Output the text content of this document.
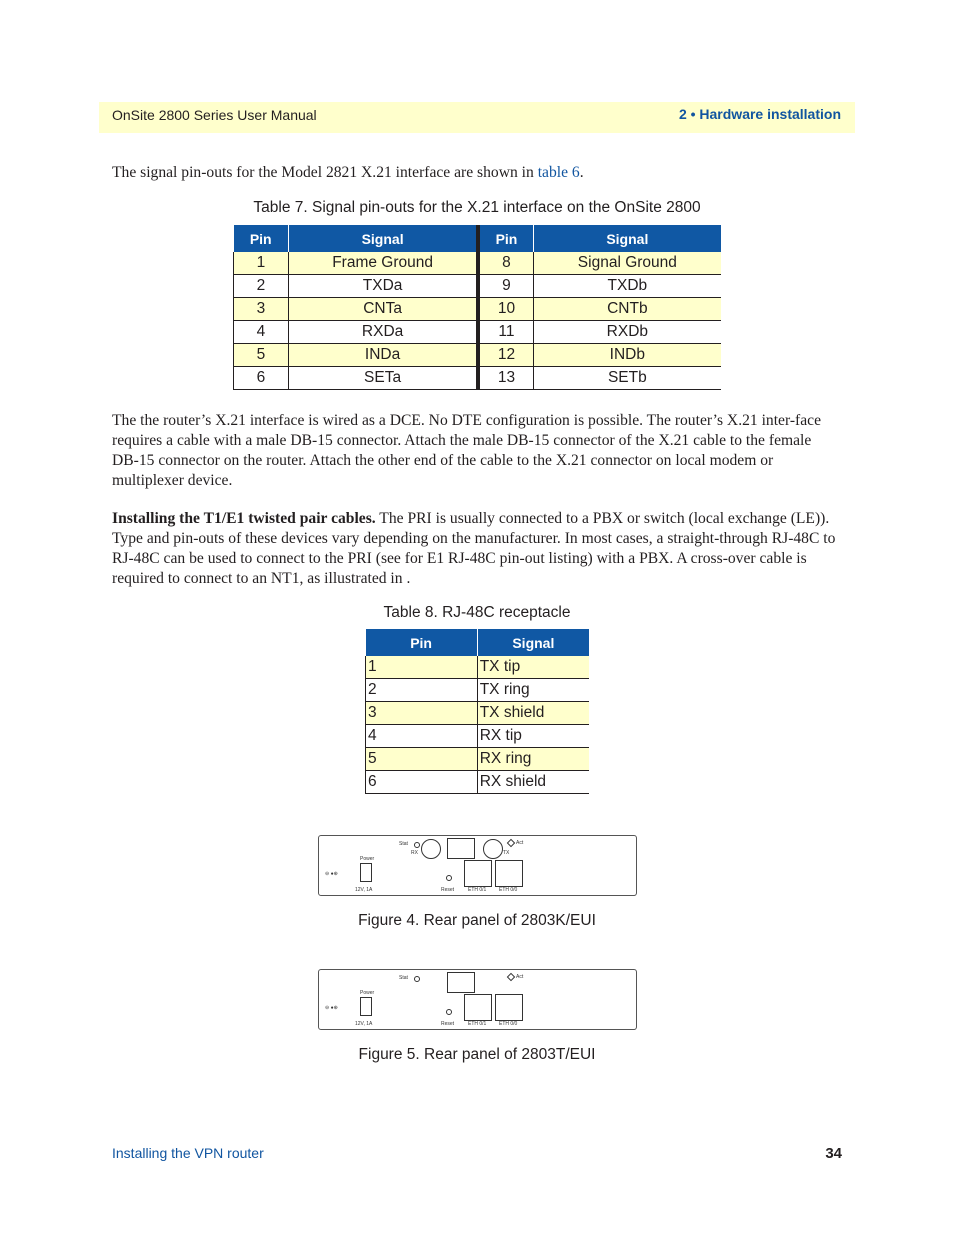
OnSite 2800 Series User Manual	2 • Hardware installation

The signal pin-outs for the Model 2821 X.21 interface are shown in table 6.

Table 7. Signal pin-outs for the X.21 interface on the OnSite 2800
Pin	Signal	Pin	Signal
1	Frame Ground	8	Signal Ground
2	TXDa	9	TXDb
3	CNTa	10	CNTb
4	RXDa	11	RXDb
5	INDa	12	INDb
6	SETa	13	SETb

The the router’s X.21 interface is wired as a DCE. No DTE configuration is possible. The router’s X.21 inter-face requires a cable with a male DB-15 connector. Attach the male DB-15 connector of the X.21 cable to the female DB-15 connector on the router. Attach the other end of the cable to the X.21 connector on local modem or multiplexer device.

Installing the T1/E1 twisted pair cables. The PRI is usually connected to a PBX or switch (local exchange (LE)). Type and pin-outs of these devices vary depending on the manufacturer. In most cases, a straight-through RJ-48C to RJ-48C can be used to connect to the PRI (see for E1 RJ-48C pin-out listing) with a PBX. A cross-over cable is required to connect to an NT1, as illustrated in .

Table 8. RJ-48C receptacle
Pin	Signal
1	TX tip
2	TX ring
3	TX shield
4	RX tip
5	RX ring
6	RX shield
Stat
RX	TX
Act
Power
⊖ ●⊕
12V, 1A	Reset	ETH 0/1	ETH 0/0
Figure 4. Rear panel of 2803K/EUI
Stat	Act
Power
⊖ ●⊕
12V, 1A	Reset	ETH 0/1	ETH 0/0
Figure 5. Rear panel of 2803T/EUI
Installing the VPN router	34
